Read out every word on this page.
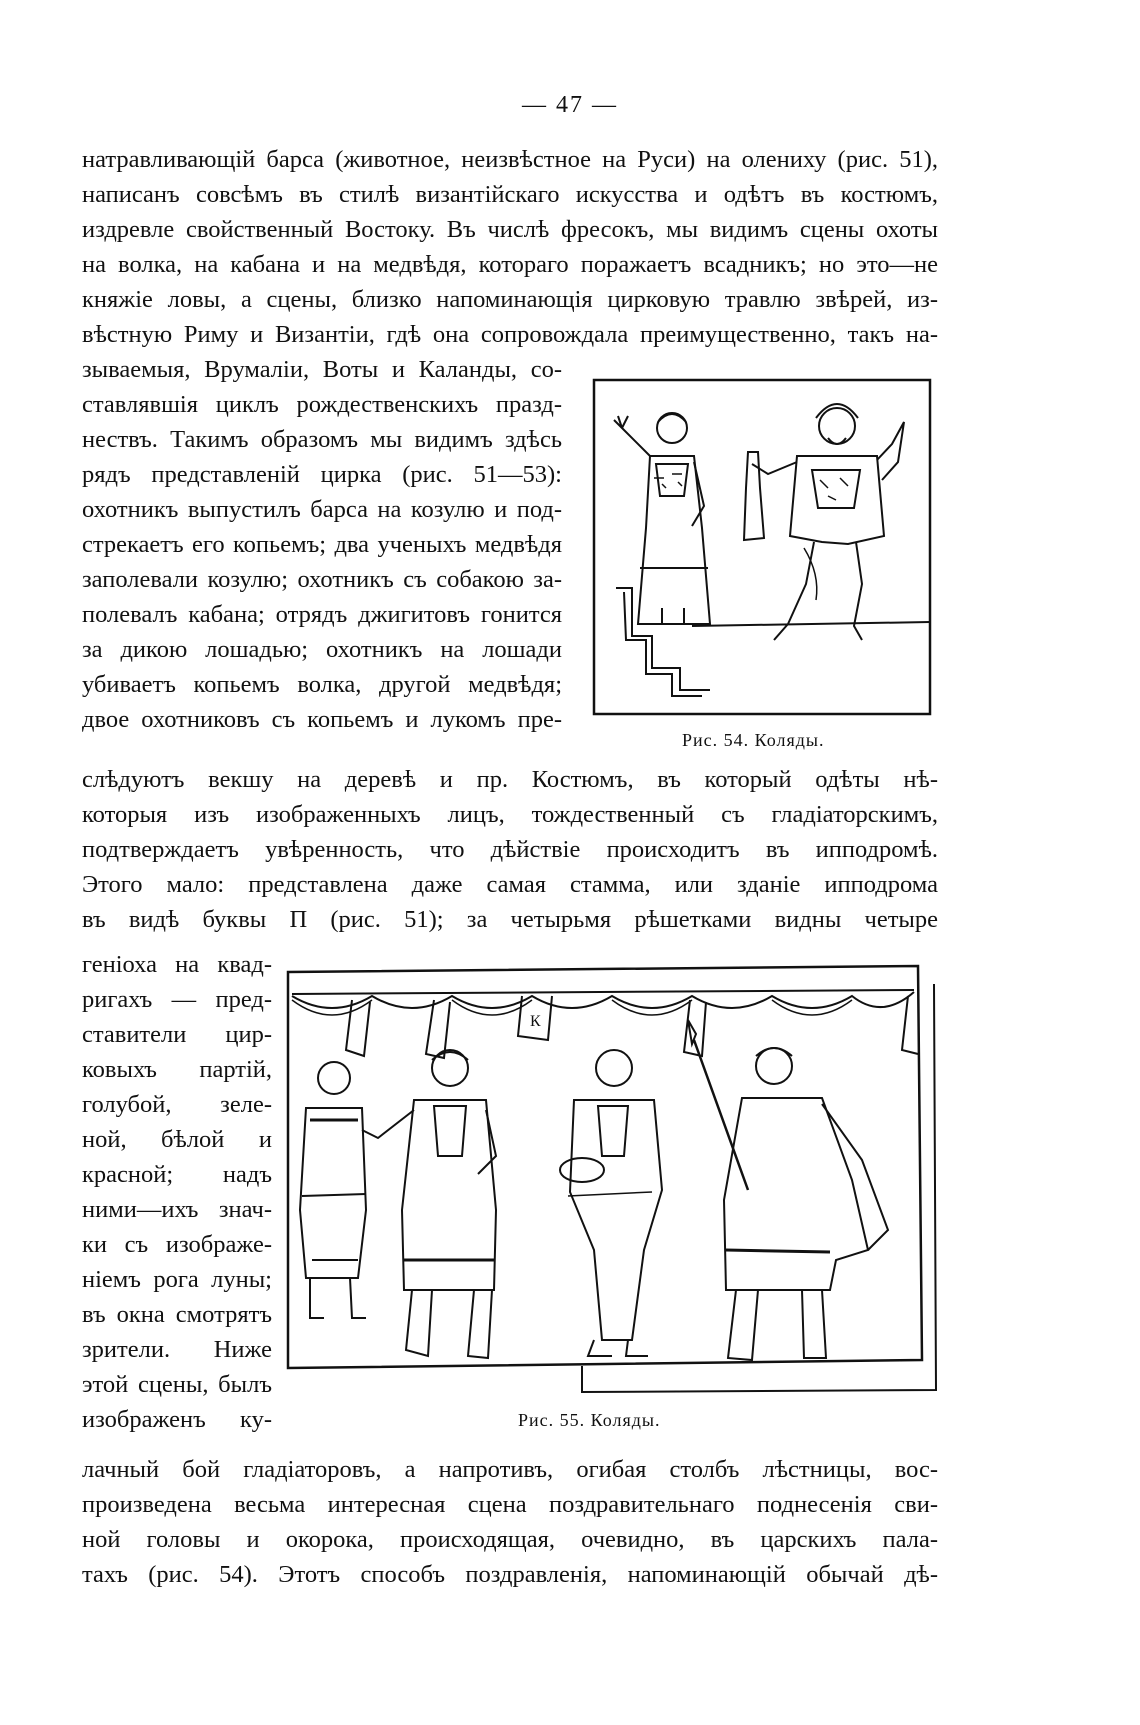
— 47 —
натравливающій барса (животное, неизвѣстное на Руси) на олениху (рис. 51),
написанъ совсѣмъ въ стилѣ византійскаго искусства и одѣтъ въ костюмъ,
издревле свойственный Востоку. Въ числѣ фресокъ, мы видимъ сцены охоты
на волка, на кабана и на медвѣдя, котораго поражаетъ всадникъ; но это—не
княжіе ловы, а сцены, близко напоминающія цирковую травлю звѣрей, из-
вѣстную Риму и Византіи, гдѣ она сопровождала преимущественно, такъ на-
зываемыя, Врумаліи, Воты и Каланды, со-
ставлявшія циклъ рождественскихъ празд-
нествъ. Такимъ образомъ мы видимъ здѣсь
рядъ представленій цирка (рис. 51—53):
охотникъ выпустилъ барса на козулю и под-
стрекаетъ его копьемъ; два ученыхъ медвѣдя
заполевали козулю; охотникъ съ собакою за-
полевалъ кабана; отрядъ джигитовъ гонится
за дикою лошадью; охотникъ на лошади
убиваетъ копьемъ волка, другой медвѣдя;
двое охотниковъ съ копьемъ и лукомъ пре-
Рис. 54. Коляды.
слѣдуютъ векшу на деревѣ и пр. Костюмъ, въ который одѣты нѣ-
которыя изъ изображенныхъ лицъ, тождественный съ гладіаторскимъ,
подтверждаетъ увѣренность, что дѣйствіе происходитъ въ ипподромѣ.
Этого мало: представлена даже самая стамма, или зданіе ипподрома
въ видѣ буквы П (рис. 51); за четырьмя рѣшетками видны четыре
геніоха на квад-
ригахъ — пред-
ставители цир-
ковыхъ партій,
голубой, зеле-
ной, бѣлой и
красной; надъ
ними—ихъ знач-
ки съ изображе-
ніемъ рога луны;
въ окна смотрятъ
зрители. Ниже
этой сцены, былъ
изображенъ ку-
К
Рис. 55. Коляды.
лачный бой гладіаторовъ, а напротивъ, огибая столбъ лѣстницы, вос-
произведена весьма интересная сцена поздравительнаго поднесенія сви-
ной головы и окорока, происходящая, очевидно, въ царскихъ пала-
тахъ (рис. 54). Этотъ способъ поздравленія, напоминающій обычай дѣ-
